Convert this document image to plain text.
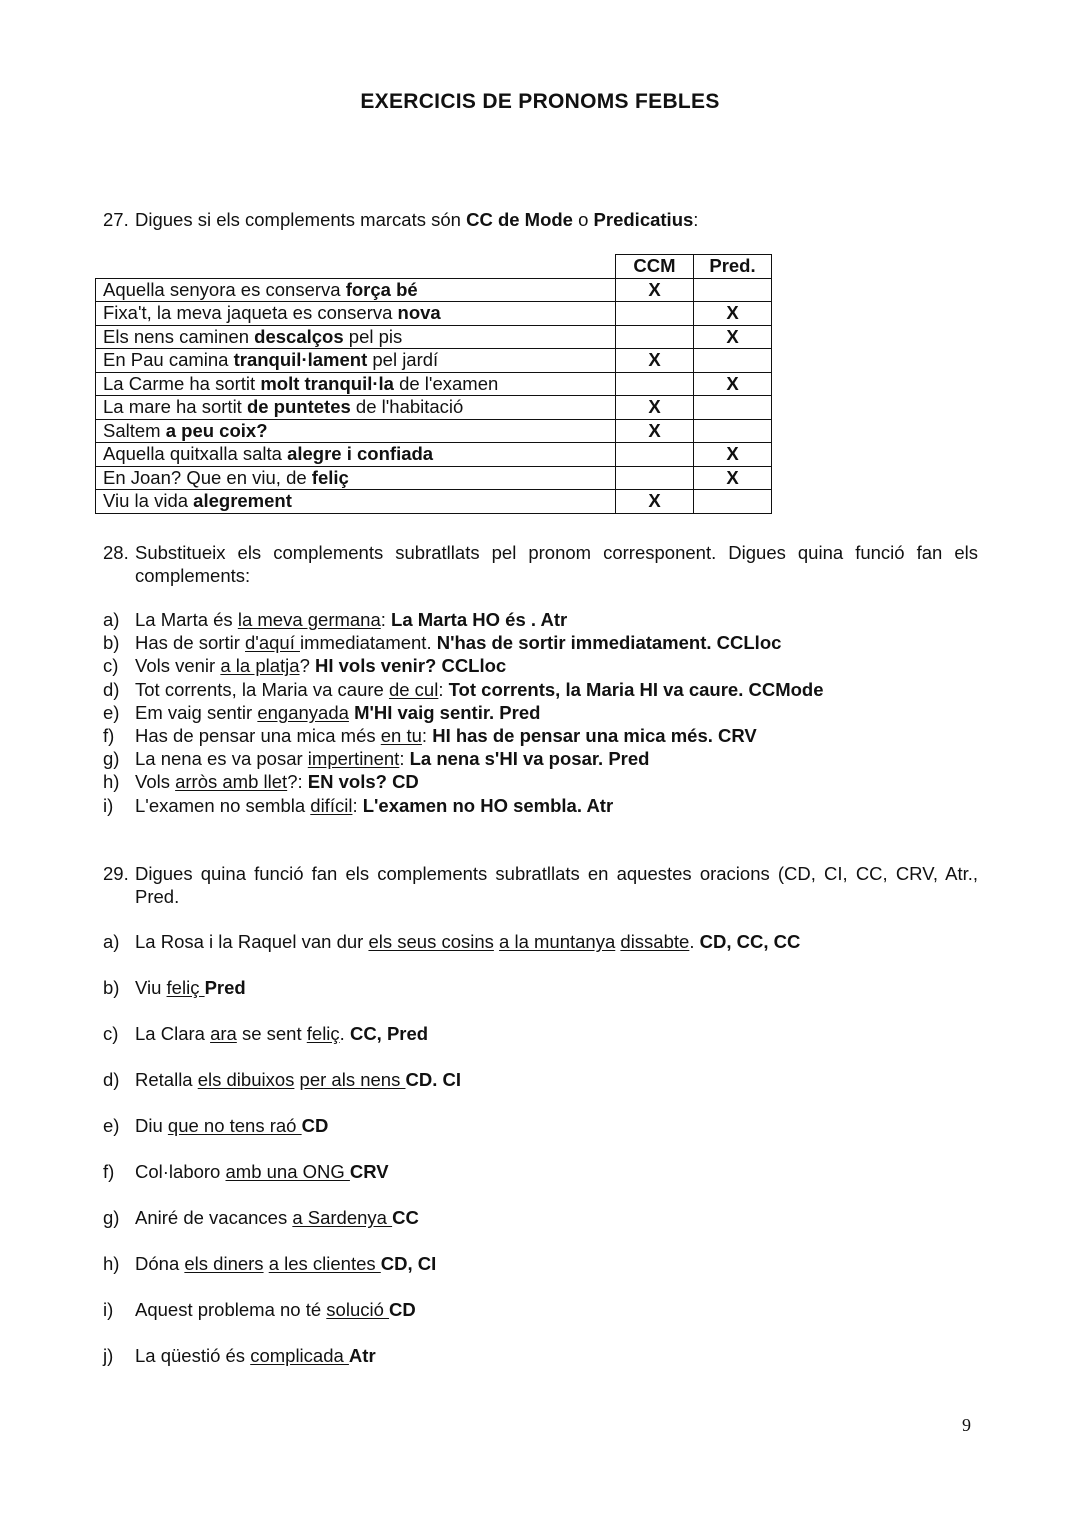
EXERCICIS DE PRONOMS FEBLES
27. Digues si els complements marcats són CC de Mode o Predicatius:
	CCM	Pred.
Aquella senyora es conserva força bé	X	
Fixa't, la meva jaqueta es conserva nova		X
Els nens caminen descalços pel pis		X
En Pau camina tranquil·lament pel jardí	X	
La Carme ha sortit molt tranquil·la de l'examen		X
La mare ha sortit de puntetes de l'habitació	X	
Saltem a peu coix?	X	
Aquella quitxalla salta alegre i confiada		X
En Joan? Que en viu, de feliç		X
Viu la vida alegrement	X	
28. Substitueix els complements subratllats pel pronom corresponent. Digues quina funció fan els complements:
a) La Marta és la meva germana: La Marta HO és . Atr
b) Has de sortir d'aquí immediatament. N'has de sortir immediatament. CCLloc
c) Vols venir a la platja? HI vols venir? CCLloc
d) Tot corrents, la Maria va caure de cul: Tot corrents, la Maria HI va caure. CCMode
e) Em vaig sentir enganyada M'HI vaig sentir. Pred
f)	Has de pensar una mica més en tu: HI has de pensar una mica més. CRV
g) La nena es va posar impertinent: La nena s'HI va posar. Pred
h) Vols arròs amb llet?: EN vols? CD
i)	L'examen no sembla difícil: L'examen no HO sembla. Atr
29. Digues quina funció fan els complements subratllats en aquestes oracions (CD, CI, CC, CRV, Atr., Pred.
a) La Rosa i la Raquel van dur els seus cosins a la muntanya dissabte. CD, CC, CC
b) Viu feliç Pred
c) La Clara ara se sent feliç. CC, Pred
d) Retalla els dibuixos per als nens CD. CI
e) Diu que no tens raó CD
f)	Col·laboro amb una ONG CRV
g) Aniré de vacances a Sardenya CC
h) Dóna els diners a les clientes CD, CI
i)	Aquest problema no té solució CD
j)	La qüestió és complicada Atr
9
